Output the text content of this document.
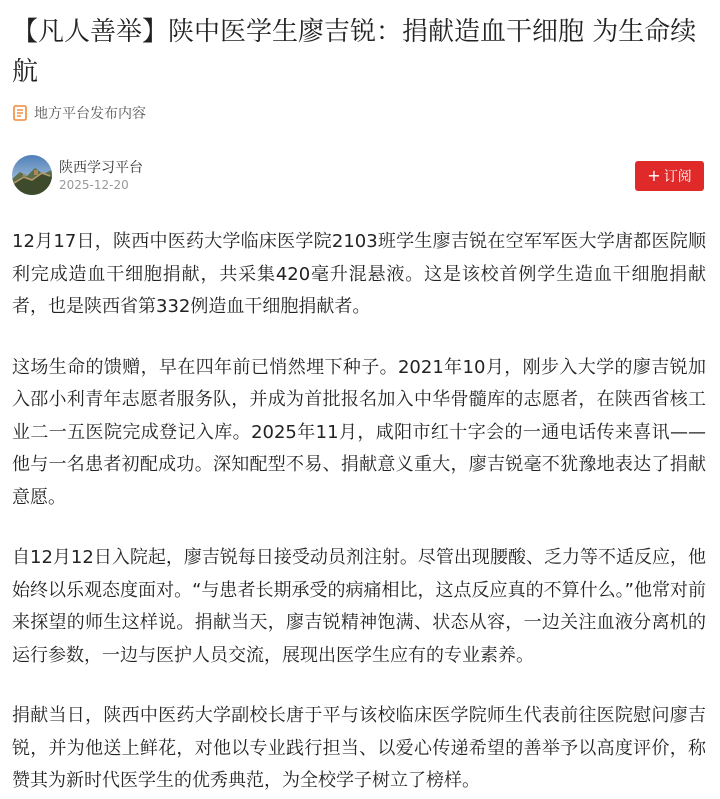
【凡人善举】陕中医学生廖吉锐：捐献造血干细胞 为生命续航
地方平台发布内容
陕西学习平台
2025-12-20	+ 订阅

12月17日，陕西中医药大学临床医学院2103班学生廖吉锐在空军军医大学唐都医院顺利完成造血干细胞捐献，共采集420毫升混悬液。这是该校首例学生造血干细胞捐献者，也是陕西省第332例造血干细胞捐献者。

这场生命的馈赠，早在四年前已悄然埋下种子。2021年10月，刚步入大学的廖吉锐加入邵小利青年志愿者服务队，并成为首批报名加入中华骨髓库的志愿者，在陕西省核工业二一五医院完成登记入库。2025年11月，咸阳市红十字会的一通电话传来喜讯——他与一名患者初配成功。深知配型不易、捐献意义重大，廖吉锐毫不犹豫地表达了捐献意愿。

自12月12日入院起，廖吉锐每日接受动员剂注射。尽管出现腰酸、乏力等不适反应，他始终以乐观态度面对。“与患者长期承受的病痛相比，这点反应真的不算什么。”他常对前来探望的师生这样说。捐献当天，廖吉锐精神饱满、状态从容，一边关注血液分离机的运行参数，一边与医护人员交流，展现出医学生应有的专业素养。

捐献当日，陕西中医药大学副校长唐于平与该校临床医学院师生代表前往医院慰问廖吉锐，并为他送上鲜花，对他以专业践行担当、以爱心传递希望的善举予以高度评价，称赞其为新时代医学生的优秀典范，为全校学子树立了榜样。
